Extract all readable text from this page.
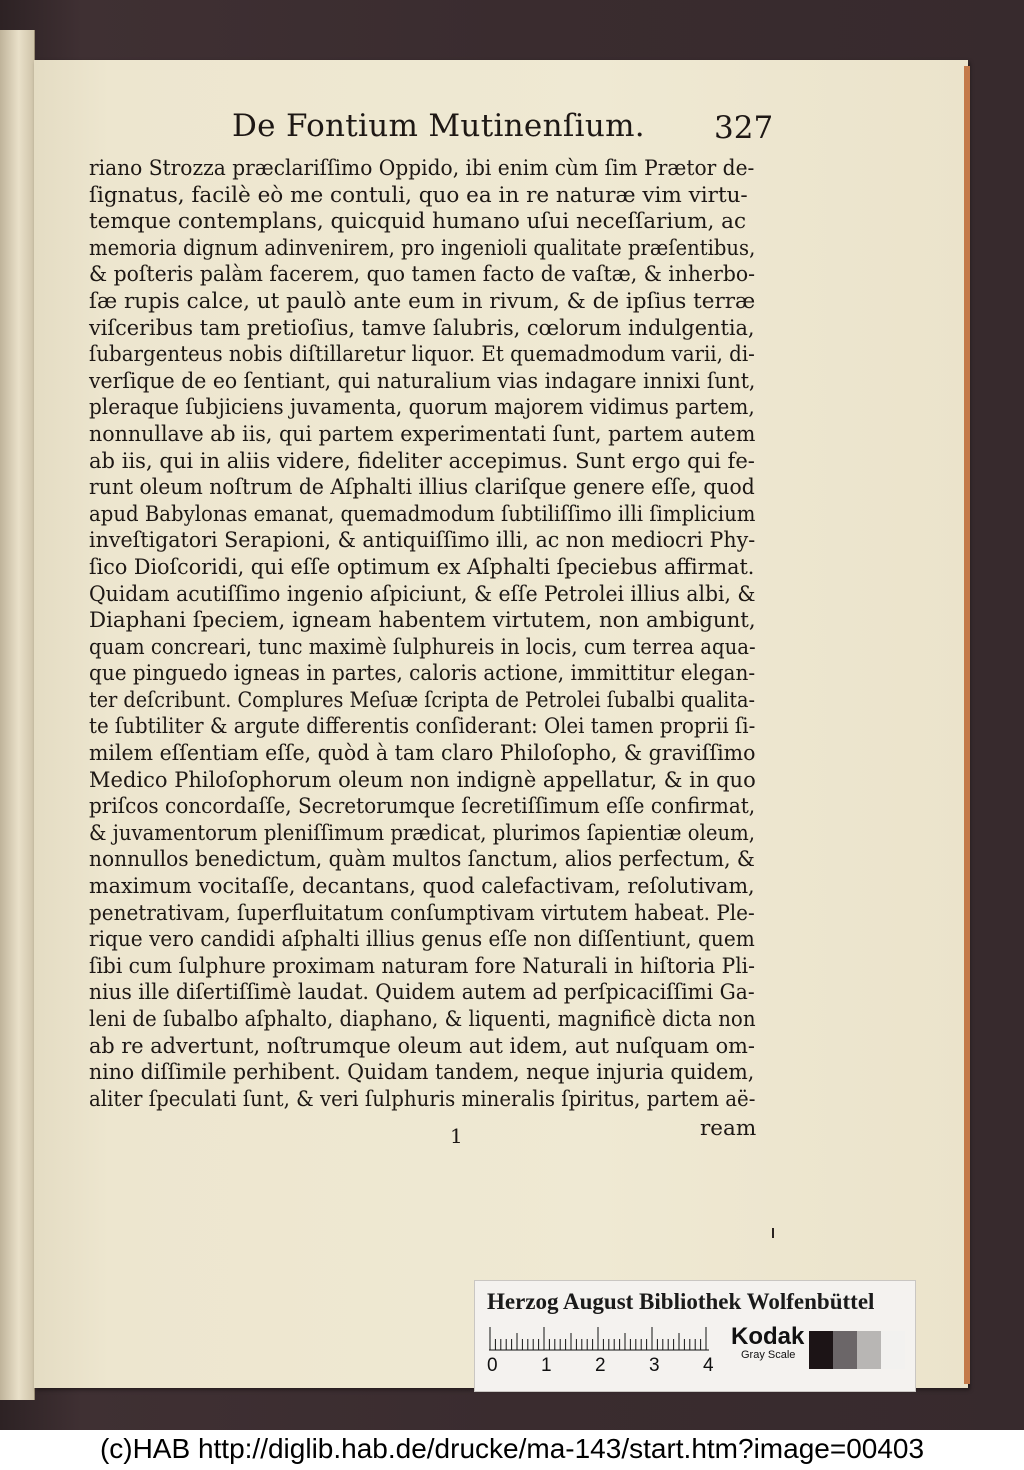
De Fontium Mutinenſium. 327
riano Strozza præclariſſimo Oppido, ibi enim cùm ſim Prætor de-
ſignatus, facilè eò me contuli, quo ea in re naturæ vim virtu-
temque contemplans, quicquid humano uſui neceſſarium, ac
memoria dignum adinvenirem, pro ingenioli qualitate præſentibus,
& poſteris palàm facerem, quo tamen facto de vaſtæ, & inherbo-
ſæ rupis calce, ut paulò ante eum in rivum, & de ipſius terræ
viſceribus tam pretioſius, tamve ſalubris, cœlorum indulgentia,
ſubargenteus nobis diſtillaretur liquor. Et quemadmodum varii, di-
verſique de eo ſentiant, qui naturalium vias indagare innixi ſunt,
pleraque ſubjiciens juvamenta, quorum majorem vidimus partem,
nonnullave ab iis, qui partem experimentati ſunt, partem autem
ab iis, qui in aliis videre, fideliter accepimus. Sunt ergo qui fe-
runt oleum noſtrum de Aſphalti illius clariſque genere eſſe, quod
apud Babylonas emanat, quemadmodum ſubtiliſſimo illi ſimplicium
inveſtigatori Serapioni, & antiquiſſimo illi, ac non mediocri Phy-
ſico Dioſcoridi, qui eſſe optimum ex Aſphalti ſpeciebus affirmat.
Quidam acutiſſimo ingenio aſpiciunt, & eſſe Petrolei illius albi, &
Diaphani ſpeciem, igneam habentem virtutem, non ambigunt,
quam concreari, tunc maximè ſulphureis in locis, cum terrea aqua-
que pinguedo igneas in partes, caloris actione, immittitur elegan-
ter deſcribunt. Complures Meſuæ ſcripta de Petrolei ſubalbi qualita-
te ſubtiliter & argute differentis conſiderant: Olei tamen proprii ſi-
milem eſſentiam eſſe, quòd à tam claro Philoſopho, & graviſſimo
Medico Philoſophorum oleum non indignè appellatur, & in quo
priſcos concordaſſe, Secretorumque ſecretiſſimum eſſe confirmat,
& juvamentorum pleniſſimum prædicat, plurimos ſapientiæ oleum,
nonnullos benedictum, quàm multos ſanctum, alios perfectum, &
maximum vocitaſſe, decantans, quod calefactivam, reſolutivam,
penetrativam, ſuperfluitatum conſumptivam virtutem habeat. Ple-
rique vero candidi aſphalti illius genus eſſe non diſſentiunt, quem
ſibi cum ſulphure proximam naturam fore Naturali in hiſtoria Pli-
nius ille diſertiſſimè laudat. Quidem autem ad perſpicaciſſimi Ga-
leni de ſubalbo aſphalto, diaphano, & liquenti, magnificè dicta non
ab re advertunt, noſtrumque oleum aut idem, aut nuſquam om-
nino diſſimile perhibent. Quidam tandem, neque injuria quidem,
aliter ſpeculati ſunt, & veri ſulphuris mineralis ſpiritus, partem aë-
1	ream
Herzog August Bibliothek Wolfenbüttel
0 1 2 3 4
Kodak
Gray Scale
(c)HAB http://diglib.hab.de/drucke/ma-143/start.htm?image=00403
